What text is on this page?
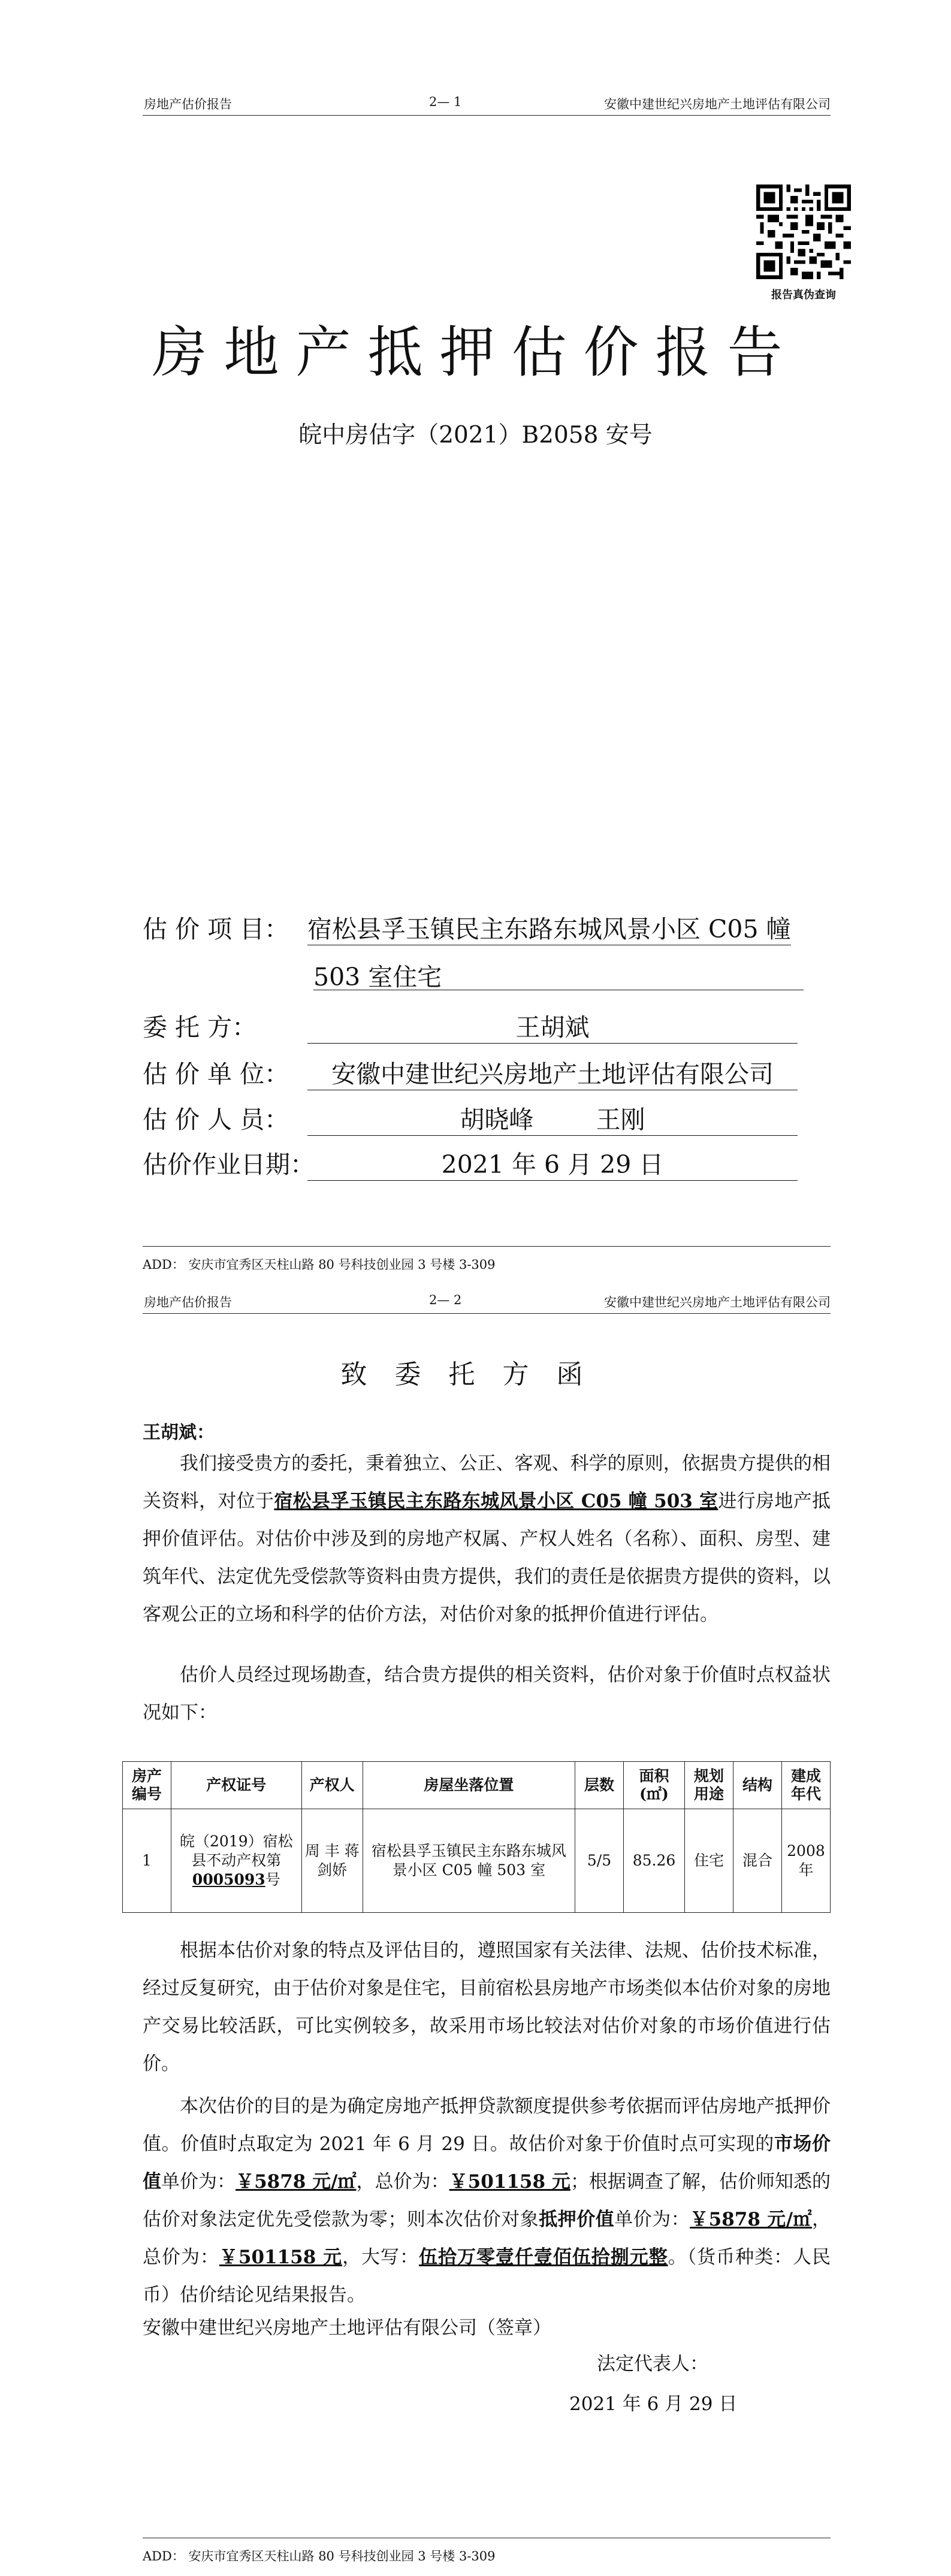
房地产估价报告	2— 1	安徽中建世纪兴房地产土地评估有限公司
报告真伪查询
房地产抵押估价报告
皖中房估字（2021）B2058 安号
估 价 项 目： 宿松县孚玉镇民主东路东城风景小区 C05 幢
503 室住宅
委 托 方：	王胡斌
估 价 单 位：	安徽中建世纪兴房地产土地评估有限公司
估 价 人 员：	胡晓峰        王刚
估价作业日期：	2021 年 6 月 29 日
ADD： 安庆市宜秀区天柱山路 80 号科技创业园 3 号楼 3-309
房地产估价报告	2— 2	安徽中建世纪兴房地产土地评估有限公司
致委托方函
王胡斌：
我们接受贵方的委托，秉着独立、公正、客观、科学的原则，依据贵方提供的相关资料，对位于宿松县孚玉镇民主东路东城风景小区 C05 幢 503 室进行房地产抵押价值评估。对估价中涉及到的房地产权属、产权人姓名（名称）、面积、房型、建筑年代、法定优先受偿款等资料由贵方提供，我们的责任是依据贵方提供的资料，以客观公正的立场和科学的估价方法，对估价对象的抵押价值进行评估。
估价人员经过现场勘查，结合贵方提供的相关资料，估价对象于价值时点权益状况如下：
房产编号	产权证号	产权人	房屋坐落位置	层数	面积(㎡)	规划用途	结构	建成年代
1	皖（2019）宿松县不动产权第0005093号	周 丰 蒋剑娇	宿松县孚玉镇民主东路东城风景小区 C05 幢 503 室	5/5	85.26	住宅	混合	2008 年
根据本估价对象的特点及评估目的，遵照国家有关法律、法规、估价技术标准，经过反复研究，由于估价对象是住宅，目前宿松县房地产市场类似本估价对象的房地产交易比较活跃，可比实例较多，故采用市场比较法对估价对象的市场价值进行估价。
本次估价的目的是为确定房地产抵押贷款额度提供参考依据而评估房地产抵押价值。价值时点取定为 2021 年 6 月 29 日。故估价对象于价值时点可实现的市场价值单价为：￥5878 元/㎡，总价为：￥501158 元；根据调查了解，估价师知悉的估价对象法定优先受偿款为零；则本次估价对象抵押价值单价为：￥5878 元/㎡，总价为：￥501158 元，大写：伍拾万零壹仟壹佰伍拾捌元整。（货币种类：人民币） 估价结论见结果报告。
安徽中建世纪兴房地产土地评估有限公司（签章）
法定代表人：
2021 年 6 月 29 日
ADD： 安庆市宜秀区天柱山路 80 号科技创业园 3 号楼 3-309
